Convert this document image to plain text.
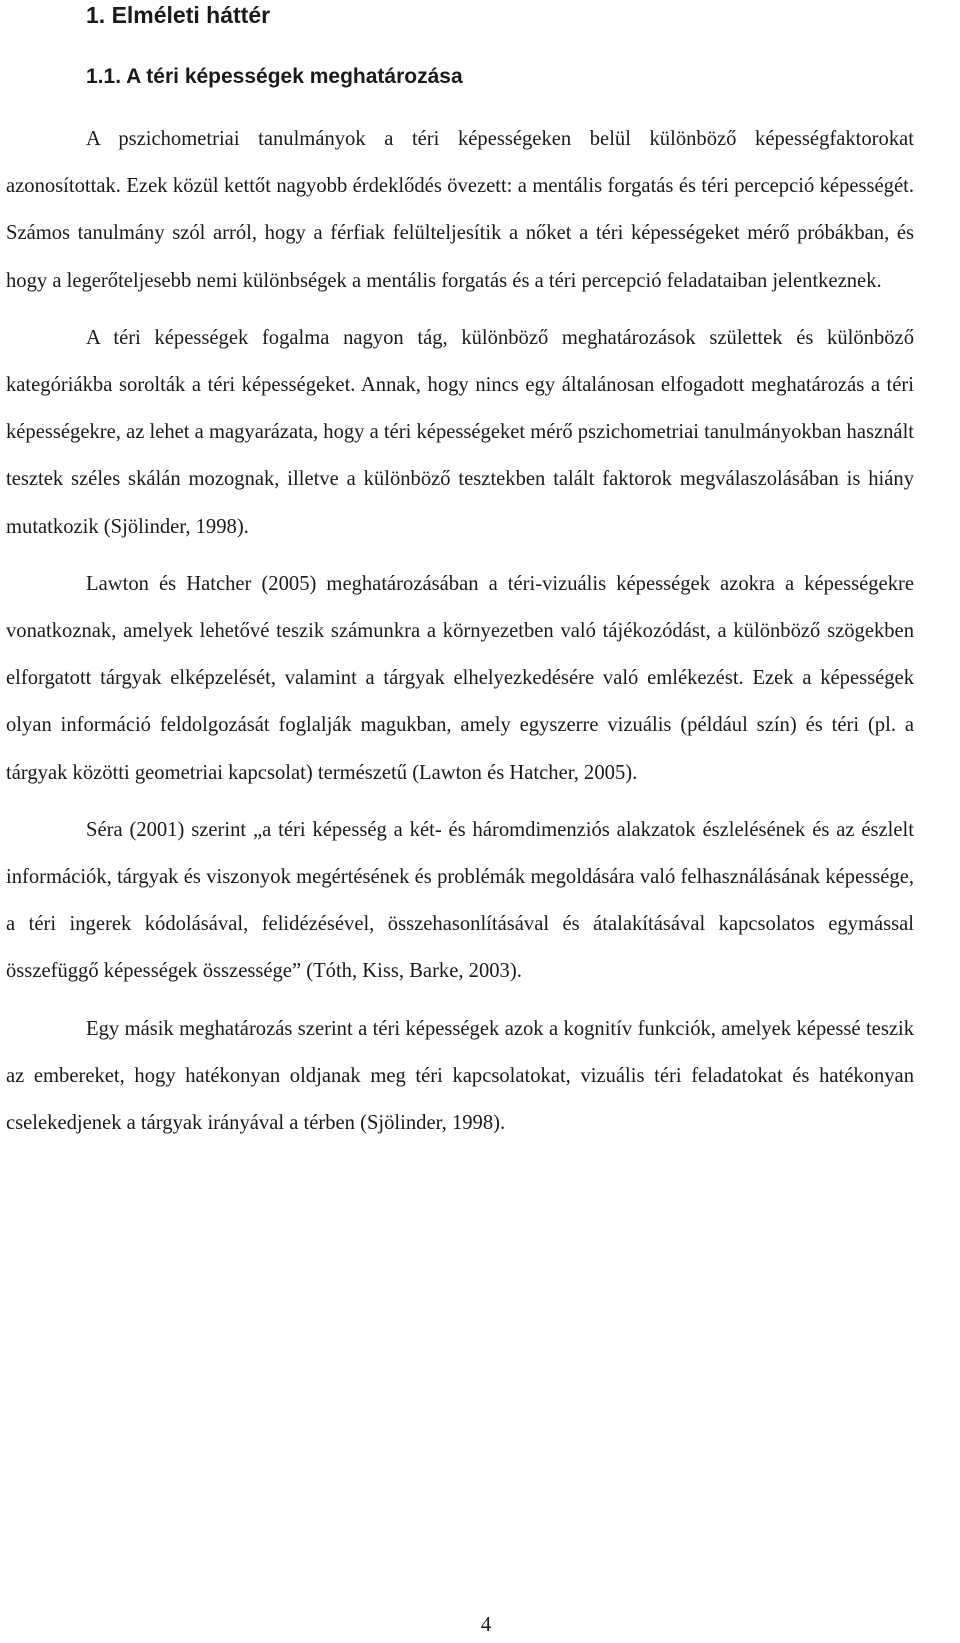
1. Elméleti háttér
1.1. A téri képességek meghatározása

A pszichometriai tanulmányok a téri képességeken belül különböző képességfaktorokat azonosítottak. Ezek közül kettőt nagyobb érdeklődés övezett: a mentális forgatás és téri percepció képességét. Számos tanulmány szól arról, hogy a férfiak felülteljesítik a nőket a téri képességeket mérő próbákban, és hogy a legerőteljesebb nemi különbségek a mentális forgatás és a téri percepció feladataiban jelentkeznek.

A téri képességek fogalma nagyon tág, különböző meghatározások születtek és különböző kategóriákba sorolták a téri képességeket. Annak, hogy nincs egy általánosan elfogadott meghatározás a téri képességekre, az lehet a magyarázata, hogy a téri képességeket mérő pszichometriai tanulmányokban használt tesztek széles skálán mozognak, illetve a különböző tesztekben talált faktorok megválaszolásában is hiány mutatkozik (Sjölinder, 1998).

Lawton és Hatcher (2005) meghatározásában a téri-vizuális képességek azokra a képességekre vonatkoznak, amelyek lehetővé teszik számunkra a környezetben való tájékozódást, a különböző szögekben elforgatott tárgyak elképzelését, valamint a tárgyak elhelyezkedésére való emlékezést. Ezek a képességek olyan információ feldolgozását foglalják magukban, amely egyszerre vizuális (például szín) és téri (pl. a tárgyak közötti geometriai kapcsolat) természetű (Lawton és Hatcher, 2005).

Séra (2001) szerint „a téri képesség a két- és háromdimenziós alakzatok észlelésének és az észlelt információk, tárgyak és viszonyok megértésének és problémák megoldására való felhasználásának képessége, a téri ingerek kódolásával, felidézésével, összehasonlításával és átalakításával kapcsolatos egymással összefüggő képességek összessége” (Tóth, Kiss, Barke, 2003).

Egy másik meghatározás szerint a téri képességek azok a kognitív funkciók, amelyek képessé teszik az embereket, hogy hatékonyan oldjanak meg téri kapcsolatokat, vizuális téri feladatokat és hatékonyan cselekedjenek a tárgyak irányával a térben (Sjölinder, 1998).

4
